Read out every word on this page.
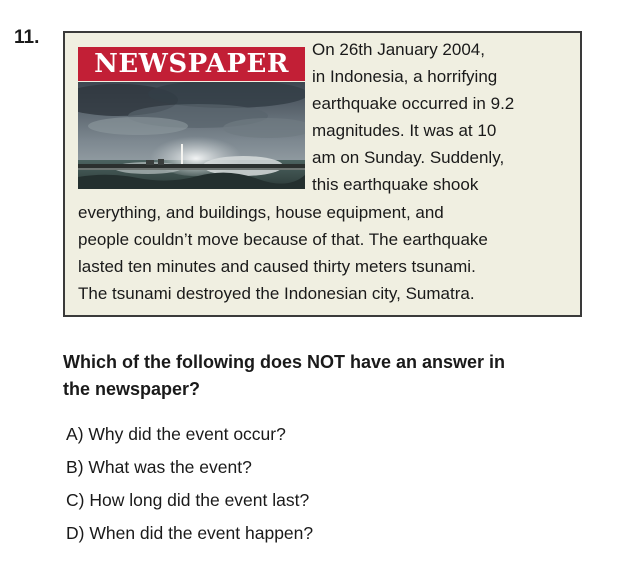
11.
NEWSPAPER	On 26th January 2004,
in Indonesia, a horrifying
earthquake occurred in 9.2
magnitudes. It was at 10
am on Sunday. Suddenly,
this earthquake shook

everything, and buildings, house equipment, and
people couldn’t move because of that. The earthquake
lasted ten minutes and caused thirty meters tsunami.
The tsunami destroyed the Indonesian city, Sumatra.

Which of the following does NOT have an answer in
the newspaper?
A ) Why did the event occur?
B ) What was the event?
C ) How long did the event last?
D ) When did the event happen?
